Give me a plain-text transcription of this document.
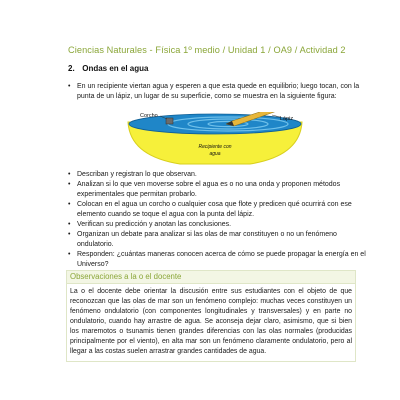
Ciencias Naturales - Física 1º medio / Unidad 1 / OA9 / Actividad 2
2. Ondas en el agua
• En un recipiente viertan agua y esperen a que esta quede en equilibrio; luego tocan, con la punta de un lápiz, un lugar de su superficie, como se muestra en la siguiente figura:
Corcho	Lápiz
Recipiente con
agua
• Describan y registran lo que observan.
• Analizan si lo que ven moverse sobre el agua es o no una onda y proponen métodos experimentales que permitan probarlo.
• Colocan en el agua un corcho o cualquier cosa que flote y predicen qué ocurrirá con ese elemento cuando se toque el agua con la punta del lápiz.
• Verifican su predicción y anotan las conclusiones.
• Organizan un debate para analizar si las olas de mar constituyen o no un fenómeno ondulatorio.
• Responden: ¿cuántas maneras conocen acerca de cómo se puede propagar la energía en el Universo?
Observaciones a la o el docente
La o el docente debe orientar la discusión entre sus estudiantes con el objeto de que reconozcan que las olas de mar son un fenómeno complejo: muchas veces constituyen un fenómeno ondulatorio (con componentes longitudinales y transversales) y en parte no ondulatorio, cuando hay arrastre de agua. Se aconseja dejar claro, asimismo, que si bien los maremotos o tsunamis tienen grandes diferencias con las olas normales (producidas principalmente por el viento), en alta mar son un fenómeno claramente ondulatorio, pero al llegar a las costas suelen arrastrar grandes cantidades de agua.
